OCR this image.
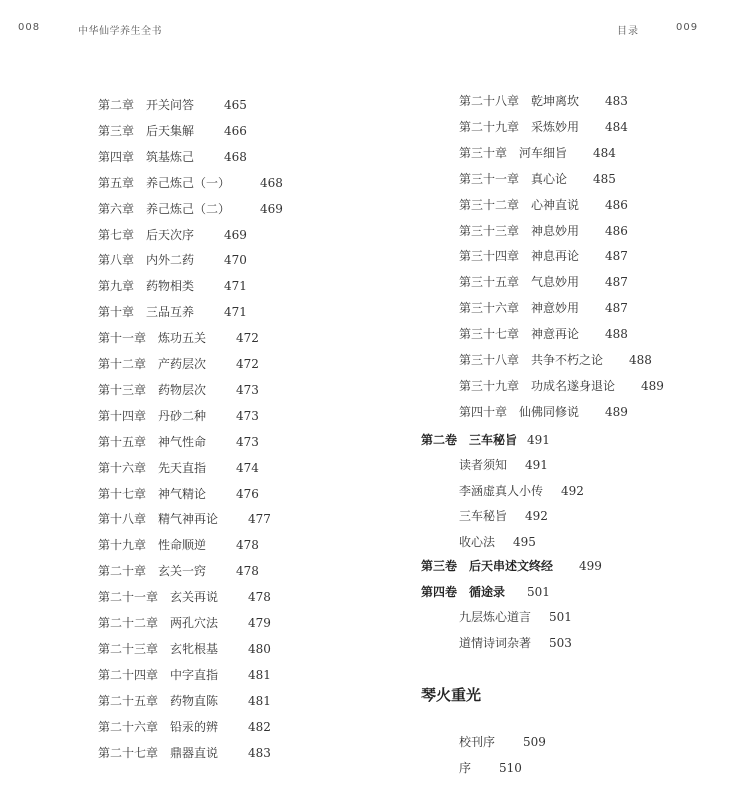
008	中华仙学养生全书	目录	009
第二章 开关问答	465
第三章 后天集解	466
第四章 筑基炼己	468
第五章 养己炼己（一）	468
第六章 养己炼己（二）	469
第七章 后天次序	469
第八章 内外二药	470
第九章 药物相类	471
第十章 三品互养	471
第十一章 炼功五关	472
第十二章 产药层次	472
第十三章 药物层次	473
第十四章 丹砂二种	473
第十五章 神气性命	473
第十六章 先天直指	474
第十七章 神气精论	476
第十八章 精气神再论	477
第十九章 性命顺逆	478
第二十章 玄关一窍	478
第二十一章 玄关再说	478
第二十二章 两孔穴法	479
第二十三章 玄牝根基	480
第二十四章 中字直指	481
第二十五章 药物直陈	481
第二十六章 铅汞的辨	482
第二十七章 鼎器直说	483
第二十八章 乾坤离坎 483
第二十九章 采炼妙用 484
第三十章 河车细旨 484
第三十一章 真心论 485
第三十二章 心神直说 486
第三十三章 神息妙用 486
第三十四章 神息再论 487
第三十五章 气息妙用 487
第三十六章 神意妙用 487
第三十七章 神意再论 488
第三十八章 共争不朽之论 488
第三十九章 功成名遂身退论 489
第四十章 仙佛同修说 489
第二卷 三车秘旨 491
读者须知 491
李涵虚真人小传 492
三车秘旨 492
收心法 495
第三卷 后天串述文终经 499
第四卷 循途录 501
九层炼心道言 501
道情诗词杂著 503
琴火重光
校刊序 509
序 510
